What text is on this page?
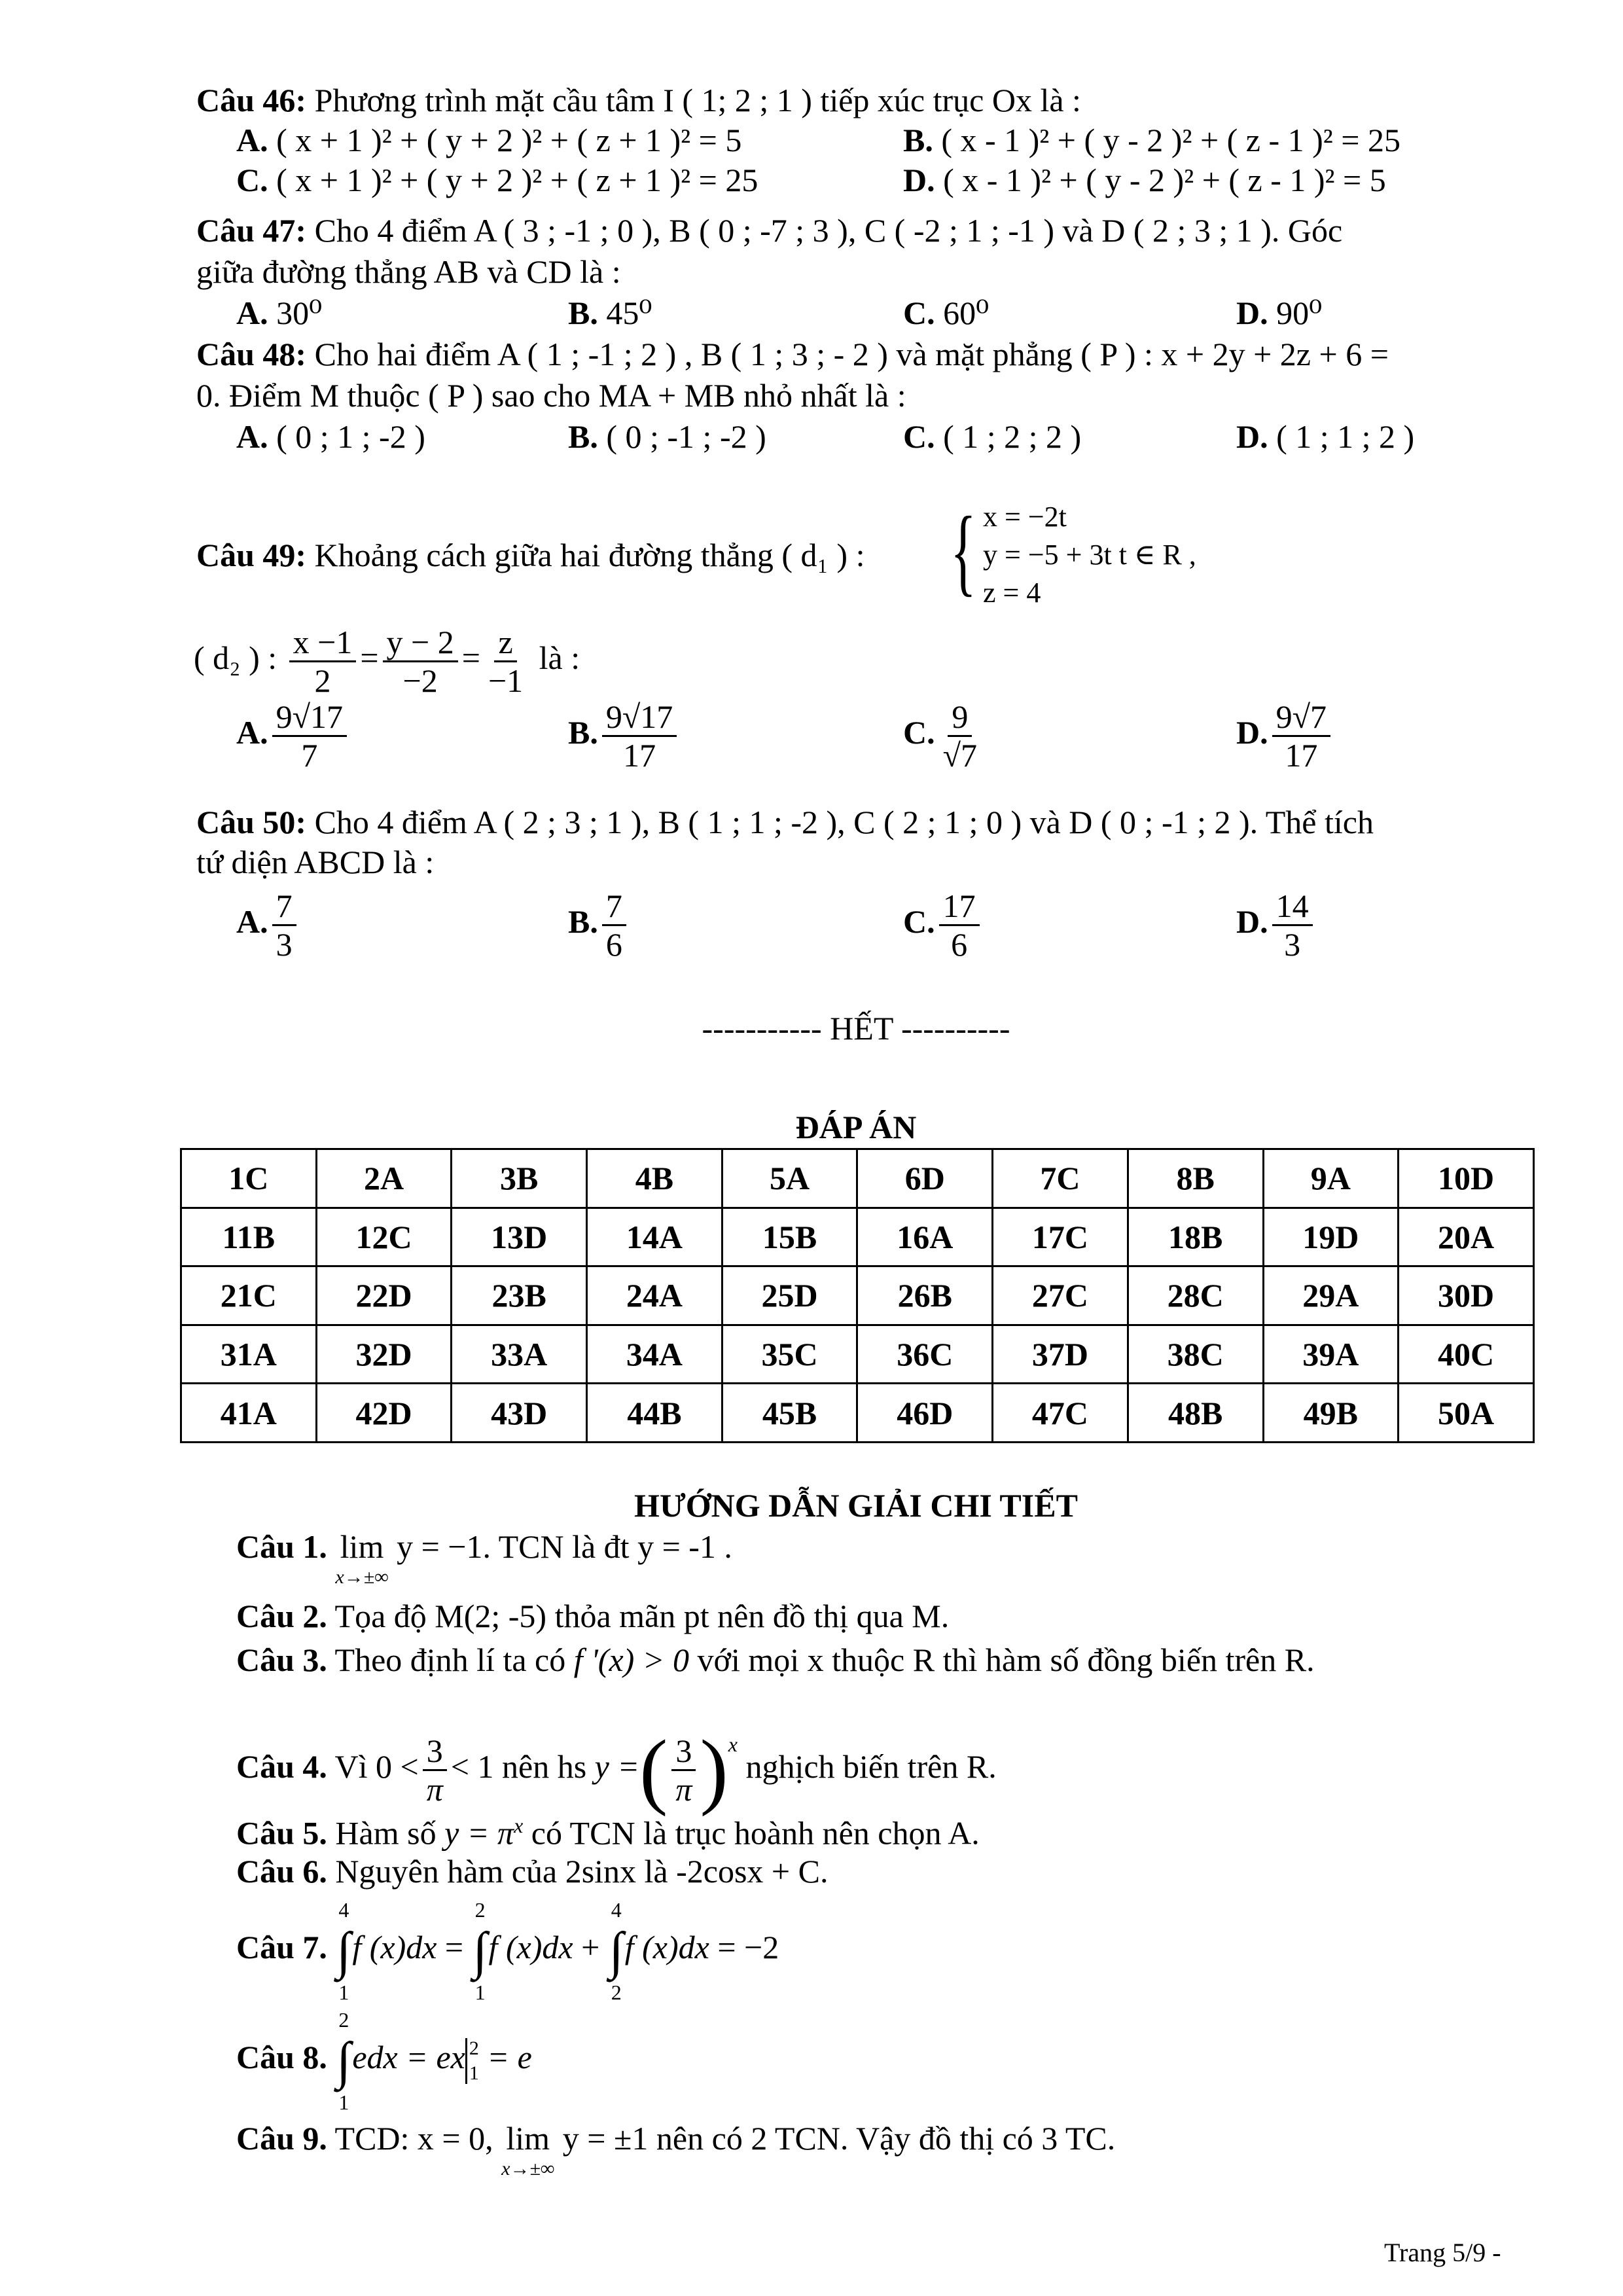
Câu 46: Phương trình mặt cầu tâm I ( 1; 2 ; 1 ) tiếp xúc trục Ox là :
A. ( x + 1 )² + ( y + 2 )² + ( z + 1 )² = 5	B. ( x - 1 )² + ( y - 2 )² + ( z - 1 )² = 25
C. ( x + 1 )² + ( y + 2 )² + ( z + 1 )² = 25	D. ( x - 1 )² + ( y - 2 )² + ( z - 1 )² = 5
Câu 47: Cho 4 điểm A ( 3 ; -1 ; 0 ), B ( 0 ; -7 ; 3 ), C ( -2 ; 1 ; -1 ) và D ( 2 ; 3 ; 1 ). Góc
giữa đường thẳng AB và CD là :
A. 30⁰	B. 45⁰	C. 60⁰	D. 90⁰
Câu 48: Cho hai điểm A ( 1 ; -1 ; 2 ) , B ( 1 ; 3 ; - 2 ) và mặt phẳng ( P ) : x + 2y + 2z + 6 =
0. Điểm M thuộc ( P ) sao cho MA + MB nhỏ nhất là :
A. ( 0 ; 1 ; -2 )	B. ( 0 ; -1 ; -2 )	C. ( 1 ; 2 ; 2 )	D. ( 1 ; 1 ; 2 )
Câu 49: Khoảng cách giữa hai đường thẳng ( d₁ ) : { x = −2t
y = −5 + 3t t ∈ R ,
z = 4
( d₂ ) : $\frac{x -1}{2} = \frac{y - 2}{-2} = \frac{z}{-1}$ là :
A. $\frac{9√17}{7}$	B. $\frac{9√17}{17}$	C. $\frac{9}{√7}$	D. $\frac{9√7}{17}$
Câu 50: Cho 4 điểm A ( 2 ; 3 ; 1 ), B ( 1 ; 1 ; -2 ), C ( 2 ; 1 ; 0 ) và D ( 0 ; -1 ; 2 ). Thể tích
tứ diện ABCD là :
A. $\frac{7}{3}$	B. $\frac{7}{6}$	C. $\frac{17}{6}$	D. $\frac{14}{3}$
----------- HẾT ----------
ĐÁP ÁN
1C	2A	3B	4B	5A	6D	7C	8B	9A	10D
11B	12C	13D	14A	15B	16A	17C	18B	19D	20A
21C	22D	23B	24A	25D	26B	27C	28C	29A	30D
31A	32D	33A	34A	35C	36C	37D	38C	39A	40C
41A	42D	43D	44B	45B	46D	47C	48B	49B	50A
HƯỚNG DẪN GIẢI CHI TIẾT
Câu 1. lim
x→±∞
y = −1. TCN là đt y = -1 .
Câu 2. Tọa độ M(2; -5) thỏa mãn pt nên đồ thị qua M.
Câu 3. Theo định lí ta có f '(x) > 0 với mọi x thuộc R thì hàm số đồng biến trên R.
Câu 4. Vì $0 < \frac{3}{\pi} < 1$ nên hs y =( $\frac{3}{\pi} )^x$ nghịch biến trên R.
Câu 5. Hàm số $y = \pi^x$ có TCN là trục hoành nên chọn A.
Câu 6. Nguyên hàm của 2sinx là -2cosx + C.
Câu 7.
4
∫
1
f (x)dx =
2
∫
1
f (x)dx +
4
∫
2
f (x)dx = −2
Câu 8.
2
∫
1
edx = ex 2
1 = e
Câu 9. TCD: x = 0, lim
x→±∞
y = ±1 nên có 2 TCN. Vậy đồ thị có 3 TC.
Trang 5/9 -
